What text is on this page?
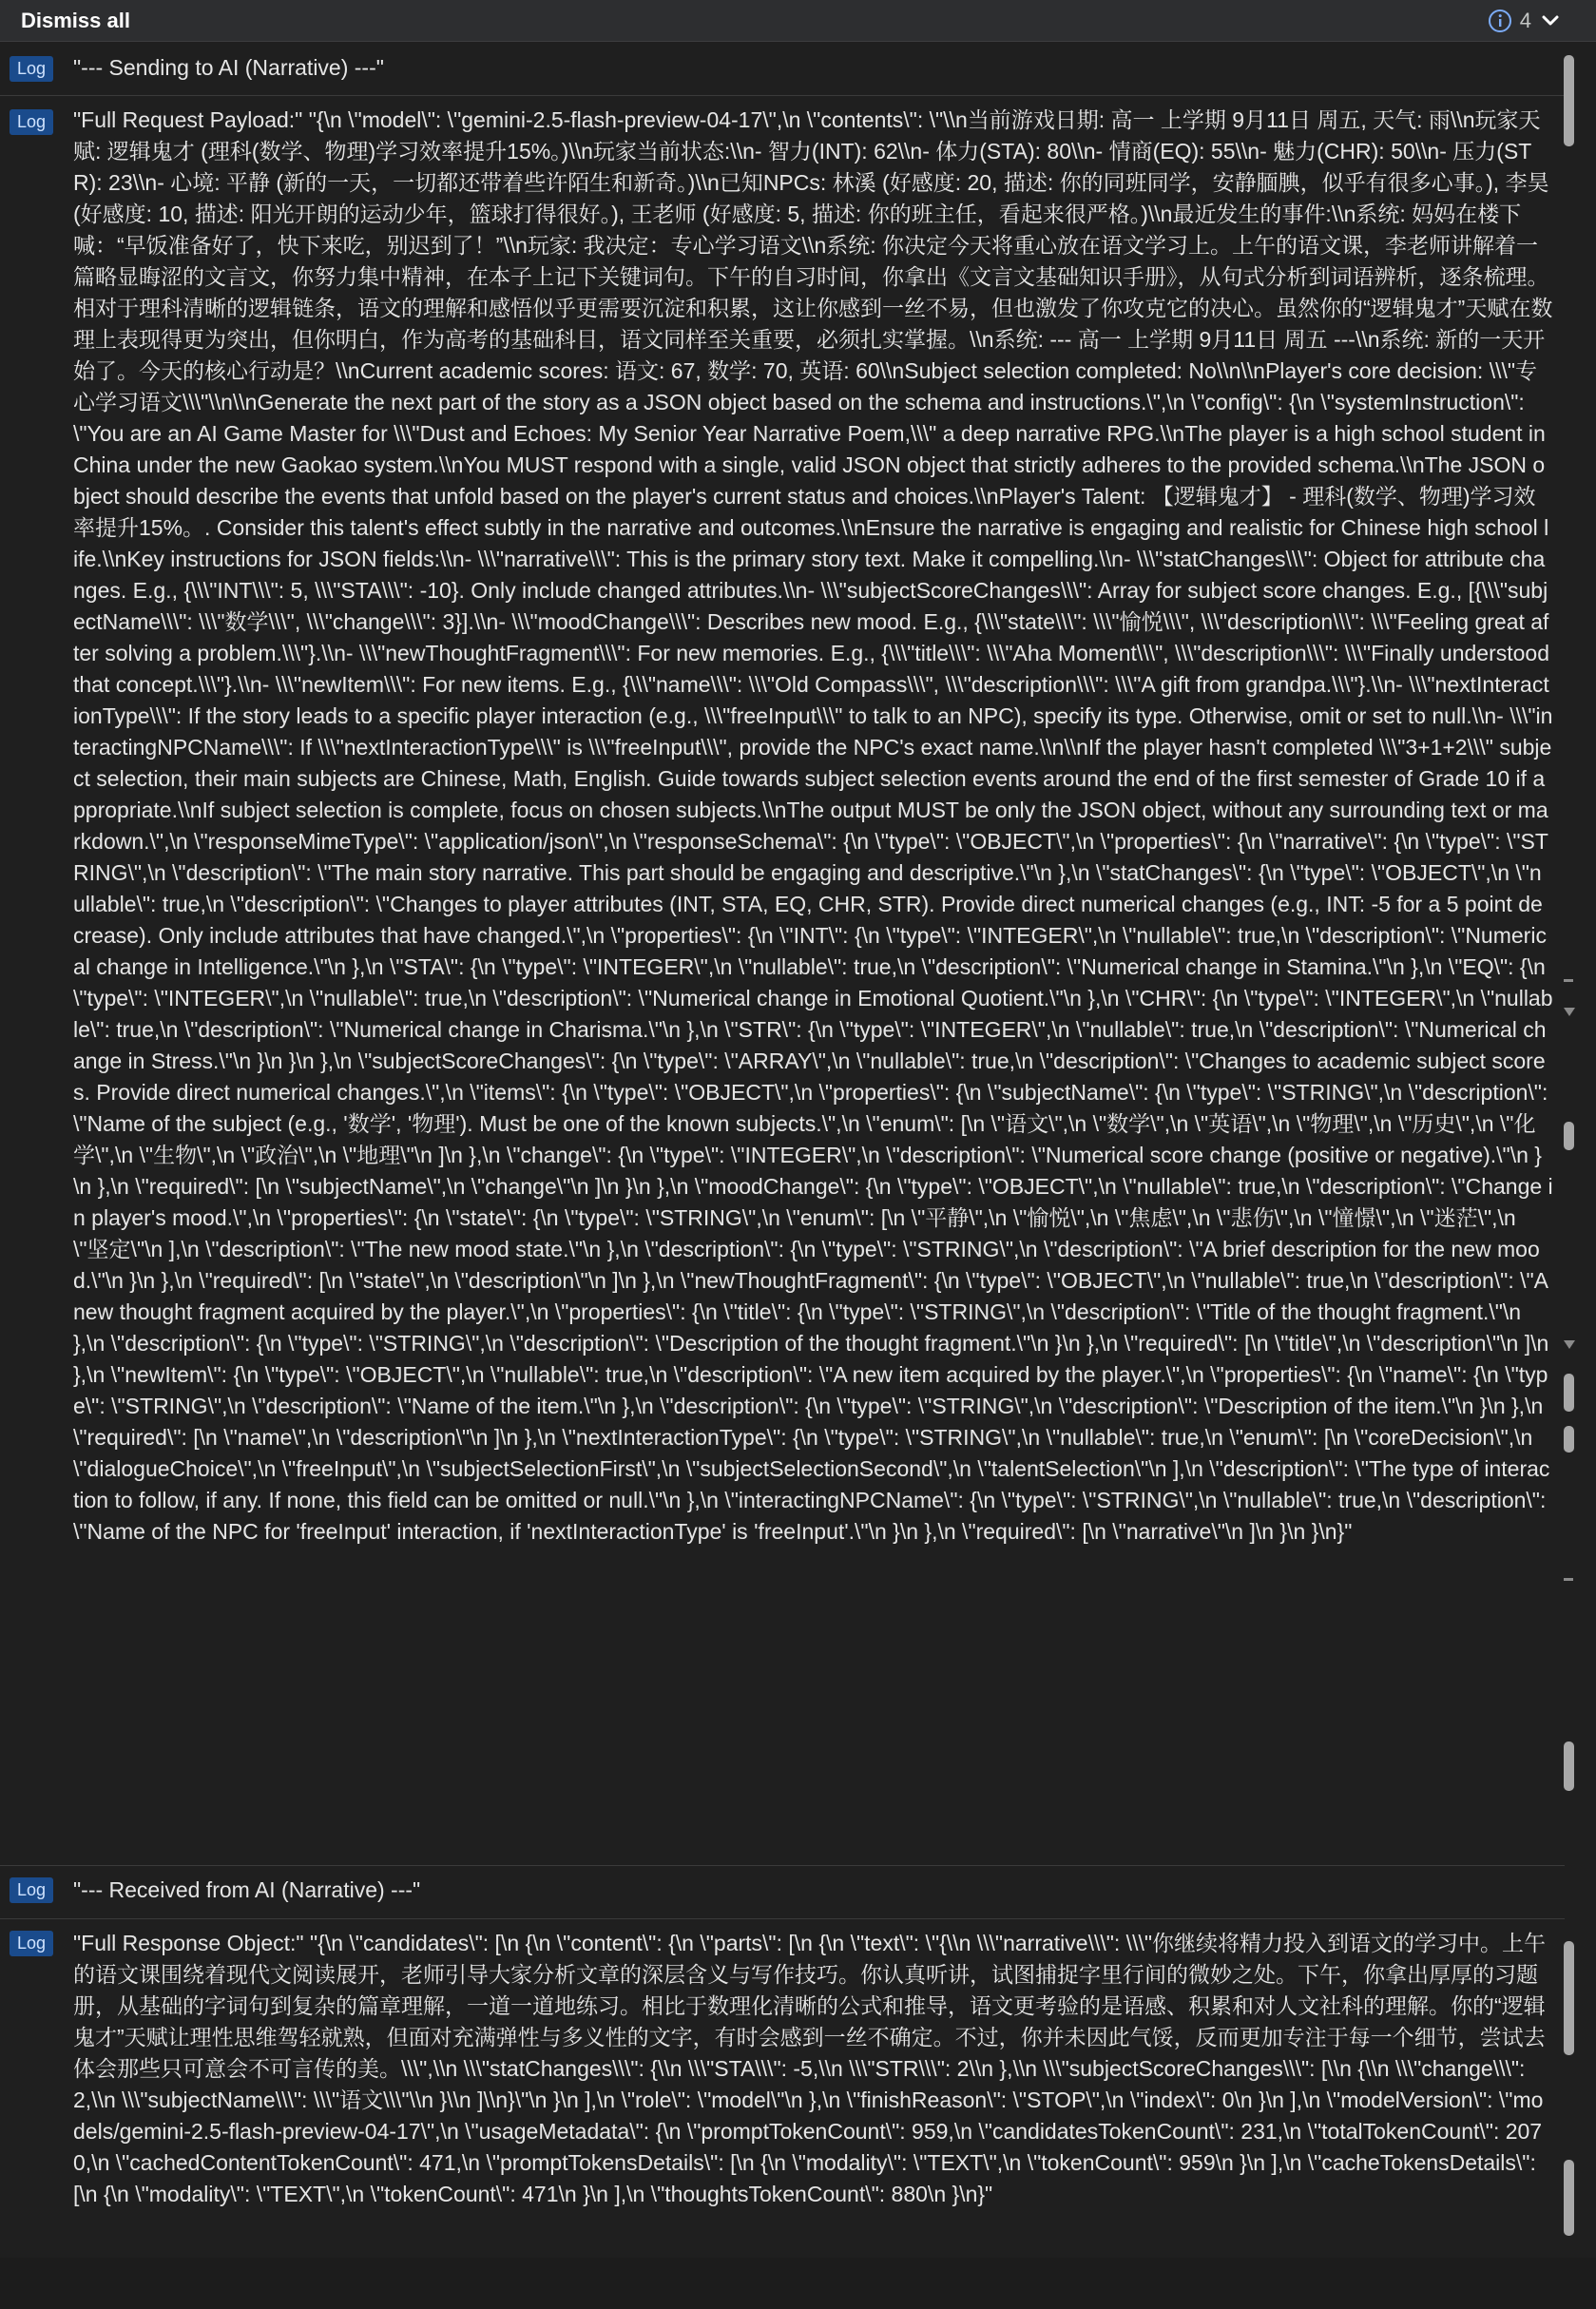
Dismiss all	4
Log	"--- Sending to AI (Narrative) ---"
Log	"Full Request Payload:" "{\n \"model\": \"gemini-2.5-flash-preview-04-17\",\n \"contents\": \"\\n当前游戏日期: 高一 上学期 9月11日 周五, 天气: 雨\\n玩家天赋: 逻辑鬼才 (理科(数学、物理)学习效率提升15%。)\\n玩家当前状态:\\n- 智力(INT): 62\\n- 体力(STA): 80\\n- 情商(EQ): 55\\n- 魅力(CHR): 50\\n- 压力(STR): 23\\n- 心境: 平静 (新的一天，一切都还带着些许陌生和新奇。)\\n已知NPCs: 林溪 (好感度: 20, 描述: 你的同班同学，安静腼腆，似乎有很多心事。), 李昊 (好感度: 10, 描述: 阳光开朗的运动少年，篮球打得很好。), 王老师 (好感度: 5, 描述: 你的班主任，看起来很严格。)\\n最近发生的事件:\\n系统: 妈妈在楼下喊：“早饭准备好了，快下来吃，别迟到了！”\\n玩家: 我决定：专心学习语文\\n系统: 你决定今天将重心放在语文学习上。上午的语文课，李老师讲解着一篇略显晦涩的文言文，你努力集中精神，在本子上记下关键词句。下午的自习时间，你拿出《文言文基础知识手册》，从句式分析到词语辨析，逐条梳理。相对于理科清晰的逻辑链条，语文的理解和感悟似乎更需要沉淀和积累，这让你感到一丝不易，但也激发了你攻克它的决心。虽然你的“逻辑鬼才”天赋在数理上表现得更为突出，但你明白，作为高考的基础科目，语文同样至关重要，必须扎实掌握。\\n系统: --- 高一 上学期 9月11日 周五 ---\\n系统: 新的一天开始了。今天的核心行动是？\\nCurrent academic scores: 语文: 67, 数学: 70, 英语: 60\\nSubject selection completed: No\\n\\nPlayer's core decision: \\\"专心学习语文\\\"\\n\\nGenerate the next part of the story as a JSON object based on the schema and instructions.\",\n \"config\": {\n \"systemInstruction\": \"You are an AI Game Master for \\\"Dust and Echoes: My Senior Year Narrative Poem,\\\" a deep narrative RPG.\\nThe player is a high school student in China under the new Gaokao system.\\nYou MUST respond with a single, valid JSON object that strictly adheres to the provided schema.\\nThe JSON object should describe the events that unfold based on the player's current status and choices.\\nPlayer's Talent: 【逻辑鬼才】 - 理科(数学、物理)学习效率提升15%。. Consider this talent's effect subtly in the narrative and outcomes.\\nEnsure the narrative is engaging and realistic for Chinese high school life.\\nKey instructions for JSON fields:\\n- \\\"narrative\\\": This is the primary story text. Make it compelling.\\n- \\\"statChanges\\\": Object for attribute changes. E.g., {\\\"INT\\\": 5, \\\"STA\\\": -10}. Only include changed attributes.\\n- \\\"subjectScoreChanges\\\": Array for subject score changes. E.g., [{\\\"subjectName\\\": \\\"数学\\\", \\\"change\\\": 3}].\\n- \\\"moodChange\\\": Describes new mood. E.g., {\\\"state\\\": \\\"愉悦\\\", \\\"description\\\": \\\"Feeling great after solving a problem.\\\"}.\\n- \\\"newThoughtFragment\\\": For new memories. E.g., {\\\"title\\\": \\\"Aha Moment\\\", \\\"description\\\": \\\"Finally understood that concept.\\\"}.\\n- \\\"newItem\\\": For new items. E.g., {\\\"name\\\": \\\"Old Compass\\\", \\\"description\\\": \\\"A gift from grandpa.\\\"}.\\n- \\\"nextInteractionType\\\": If the story leads to a specific player interaction (e.g., \\\"freeInput\\\" to talk to an NPC), specify its type. Otherwise, omit or set to null.\\n- \\\"interactingNPCName\\\": If \\\"nextInteractionType\\\" is \\\"freeInput\\\", provide the NPC's exact name.\\n\\nIf the player hasn't completed \\\"3+1+2\\\" subject selection, their main subjects are Chinese, Math, English. Guide towards subject selection events around the end of the first semester of Grade 10 if appropriate.\\nIf subject selection is complete, focus on chosen subjects.\\nThe output MUST be only the JSON object, without any surrounding text or markdown.\",\n \"responseMimeType\": \"application/json\",\n \"responseSchema\": {\n \"type\": \"OBJECT\",\n \"properties\": {\n \"narrative\": {\n \"type\": \"STRING\",\n \"description\": \"The main story narrative. This part should be engaging and descriptive.\"\n },\n \"statChanges\": {\n \"type\": \"OBJECT\",\n \"nullable\": true,\n \"description\": \"Changes to player attributes (INT, STA, EQ, CHR, STR). Provide direct numerical changes (e.g., INT: -5 for a 5 point decrease). Only include attributes that have changed.\",\n \"properties\": {\n \"INT\": {\n \"type\": \"INTEGER\",\n \"nullable\": true,\n \"description\": \"Numerical change in Intelligence.\"\n },\n \"STA\": {\n \"type\": \"INTEGER\",\n \"nullable\": true,\n \"description\": \"Numerical change in Stamina.\"\n },\n \"EQ\": {\n \"type\": \"INTEGER\",\n \"nullable\": true,\n \"description\": \"Numerical change in Emotional Quotient.\"\n },\n \"CHR\": {\n \"type\": \"INTEGER\",\n \"nullable\": true,\n \"description\": \"Numerical change in Charisma.\"\n },\n \"STR\": {\n \"type\": \"INTEGER\",\n \"nullable\": true,\n \"description\": \"Numerical change in Stress.\"\n }\n }\n },\n \"subjectScoreChanges\": {\n \"type\": \"ARRAY\",\n \"nullable\": true,\n \"description\": \"Changes to academic subject scores. Provide direct numerical changes.\",\n \"items\": {\n \"type\": \"OBJECT\",\n \"properties\": {\n \"subjectName\": {\n \"type\": \"STRING\",\n \"description\": \"Name of the subject (e.g., '数学', '物理'). Must be one of the known subjects.\",\n \"enum\": [\n \"语文\",\n \"数学\",\n \"英语\",\n \"物理\",\n \"历史\",\n \"化学\",\n \"生物\",\n \"政治\",\n \"地理\"\n ]\n },\n \"change\": {\n \"type\": \"INTEGER\",\n \"description\": \"Numerical score change (positive or negative).\"\n }\n },\n \"required\": [\n \"subjectName\",\n \"change\"\n ]\n }\n },\n \"moodChange\": {\n \"type\": \"OBJECT\",\n \"nullable\": true,\n \"description\": \"Change in player's mood.\",\n \"properties\": {\n \"state\": {\n \"type\": \"STRING\",\n \"enum\": [\n \"平静\",\n \"愉悦\",\n \"焦虑\",\n \"悲伤\",\n \"憧憬\",\n \"迷茫\",\n \"坚定\"\n ],\n \"description\": \"The new mood state.\"\n },\n \"description\": {\n \"type\": \"STRING\",\n \"description\": \"A brief description for the new mood.\"\n }\n },\n \"required\": [\n \"state\",\n \"description\"\n ]\n },\n \"newThoughtFragment\": {\n \"type\": \"OBJECT\",\n \"nullable\": true,\n \"description\": \"A new thought fragment acquired by the player.\",\n \"properties\": {\n \"title\": {\n \"type\": \"STRING\",\n \"description\": \"Title of the thought fragment.\"\n },\n \"description\": {\n \"type\": \"STRING\",\n \"description\": \"Description of the thought fragment.\"\n }\n },\n \"required\": [\n \"title\",\n \"description\"\n ]\n },\n \"newItem\": {\n \"type\": \"OBJECT\",\n \"nullable\": true,\n \"description\": \"A new item acquired by the player.\",\n \"properties\": {\n \"name\": {\n \"type\": \"STRING\",\n \"description\": \"Name of the item.\"\n },\n \"description\": {\n \"type\": \"STRING\",\n \"description\": \"Description of the item.\"\n }\n },\n \"required\": [\n \"name\",\n \"description\"\n ]\n },\n \"nextInteractionType\": {\n \"type\": \"STRING\",\n \"nullable\": true,\n \"enum\": [\n \"coreDecision\",\n \"dialogueChoice\",\n \"freeInput\",\n \"subjectSelectionFirst\",\n \"subjectSelectionSecond\",\n \"talentSelection\"\n ],\n \"description\": \"The type of interaction to follow, if any. If none, this field can be omitted or null.\"\n },\n \"interactingNPCName\": {\n \"type\": \"STRING\",\n \"nullable\": true,\n \"description\": \"Name of the NPC for 'freeInput' interaction, if 'nextInteractionType' is 'freeInput'.\"\n }\n },\n \"required\": [\n \"narrative\"\n ]\n }\n }\n}"
Log	"--- Received from AI (Narrative) ---"
Log	"Full Response Object:" "{\n \"candidates\": [\n {\n \"content\": {\n \"parts\": [\n {\n \"text\": \"{\\n \\\"narrative\\\": \\\"你继续将精力投入到语文的学习中。上午的语文课围绕着现代文阅读展开，老师引导大家分析文章的深层含义与写作技巧。你认真听讲，试图捕捉字里行间的微妙之处。下午，你拿出厚厚的习题册，从基础的字词句到复杂的篇章理解，一道一道地练习。相比于数理化清晰的公式和推导，语文更考验的是语感、积累和对人文社科的理解。你的“逻辑鬼才”天赋让理性思维驾轻就熟，但面对充满弹性与多义性的文字，有时会感到一丝不确定。不过，你并未因此气馁，反而更加专注于每一个细节，尝试去体会那些只可意会不可言传的美。\\\",\\n \\\"statChanges\\\": {\\n \\\"STA\\\": -5,\\n \\\"STR\\\": 2\\n },\\n \\\"subjectScoreChanges\\\": [\\n {\\n \\\"change\\\": 2,\\n \\\"subjectName\\\": \\\"语文\\\"\\n }\\n ]\\n}\"\n }\n ],\n \"role\": \"model\"\n },\n \"finishReason\": \"STOP\",\n \"index\": 0\n }\n ],\n \"modelVersion\": \"models/gemini-2.5-flash-preview-04-17\",\n \"usageMetadata\": {\n \"promptTokenCount\": 959,\n \"candidatesTokenCount\": 231,\n \"totalTokenCount\": 2070,\n \"cachedContentTokenCount\": 471,\n \"promptTokensDetails\": [\n {\n \"modality\": \"TEXT\",\n \"tokenCount\": 959\n }\n ],\n \"cacheTokensDetails\": [\n {\n \"modality\": \"TEXT\",\n \"tokenCount\": 471\n }\n ],\n \"thoughtsTokenCount\": 880\n }\n}"
